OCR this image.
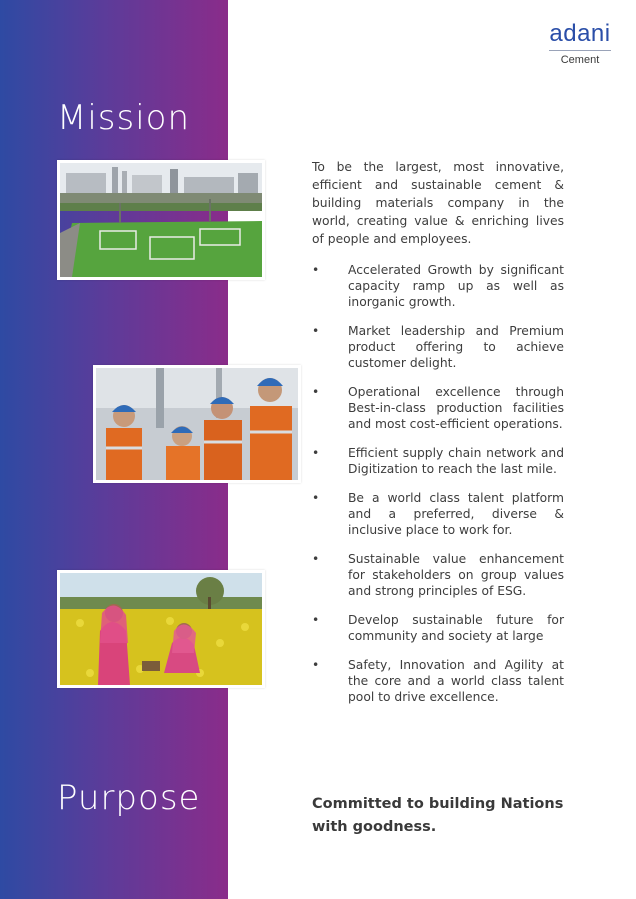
Mission
Purpose
adani
Cement

To be the largest, most innovative, efficient and sustainable cement & building materials company in the world, creating value & enriching lives of people and employees.

• Accelerated Growth by significant capacity ramp up as well as inorganic growth.
• Market leadership and Premium product offering to achieve customer delight.
• Operational excellence through Best-in-class production facilities and most cost-efficient operations.
• Efficient supply chain network and Digitization to reach the last mile.
• Be a world class talent platform and a preferred, diverse & inclusive place to work for.
• Sustainable value enhancement for stakeholders on group values and strong principles of ESG.
• Develop sustainable future for community and society at large
• Safety, Innovation and Agility at the core and a world class talent pool to drive excellence.

Committed to building Nations with goodness.
